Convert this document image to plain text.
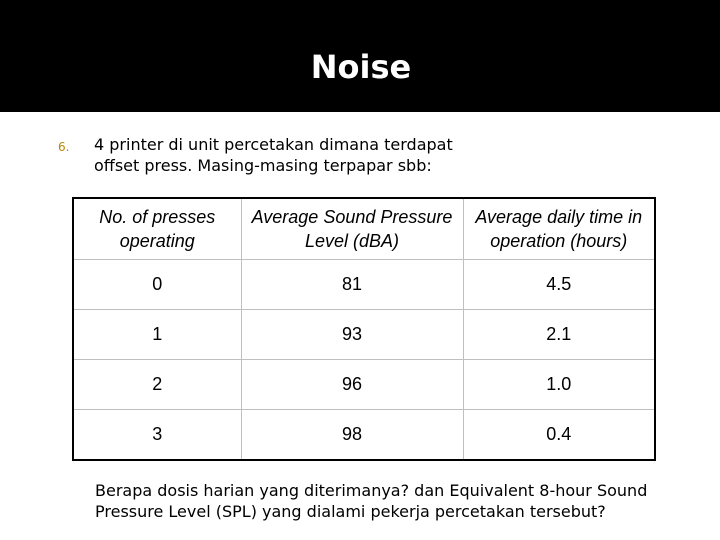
Noise
6. 4 printer di unit percetakan dimana terdapat offset press. Masing-masing terpapar sbb:
No. of presses operating	Average Sound Pressure Level (dBA)	Average daily time in operation (hours)
0	81	4.5
1	93	2.1
2	96	1.0
3	98	0.4
Berapa dosis harian yang diterimanya? dan Equivalent 8-hour Sound Pressure Level (SPL) yang dialami pekerja percetakan tersebut?
